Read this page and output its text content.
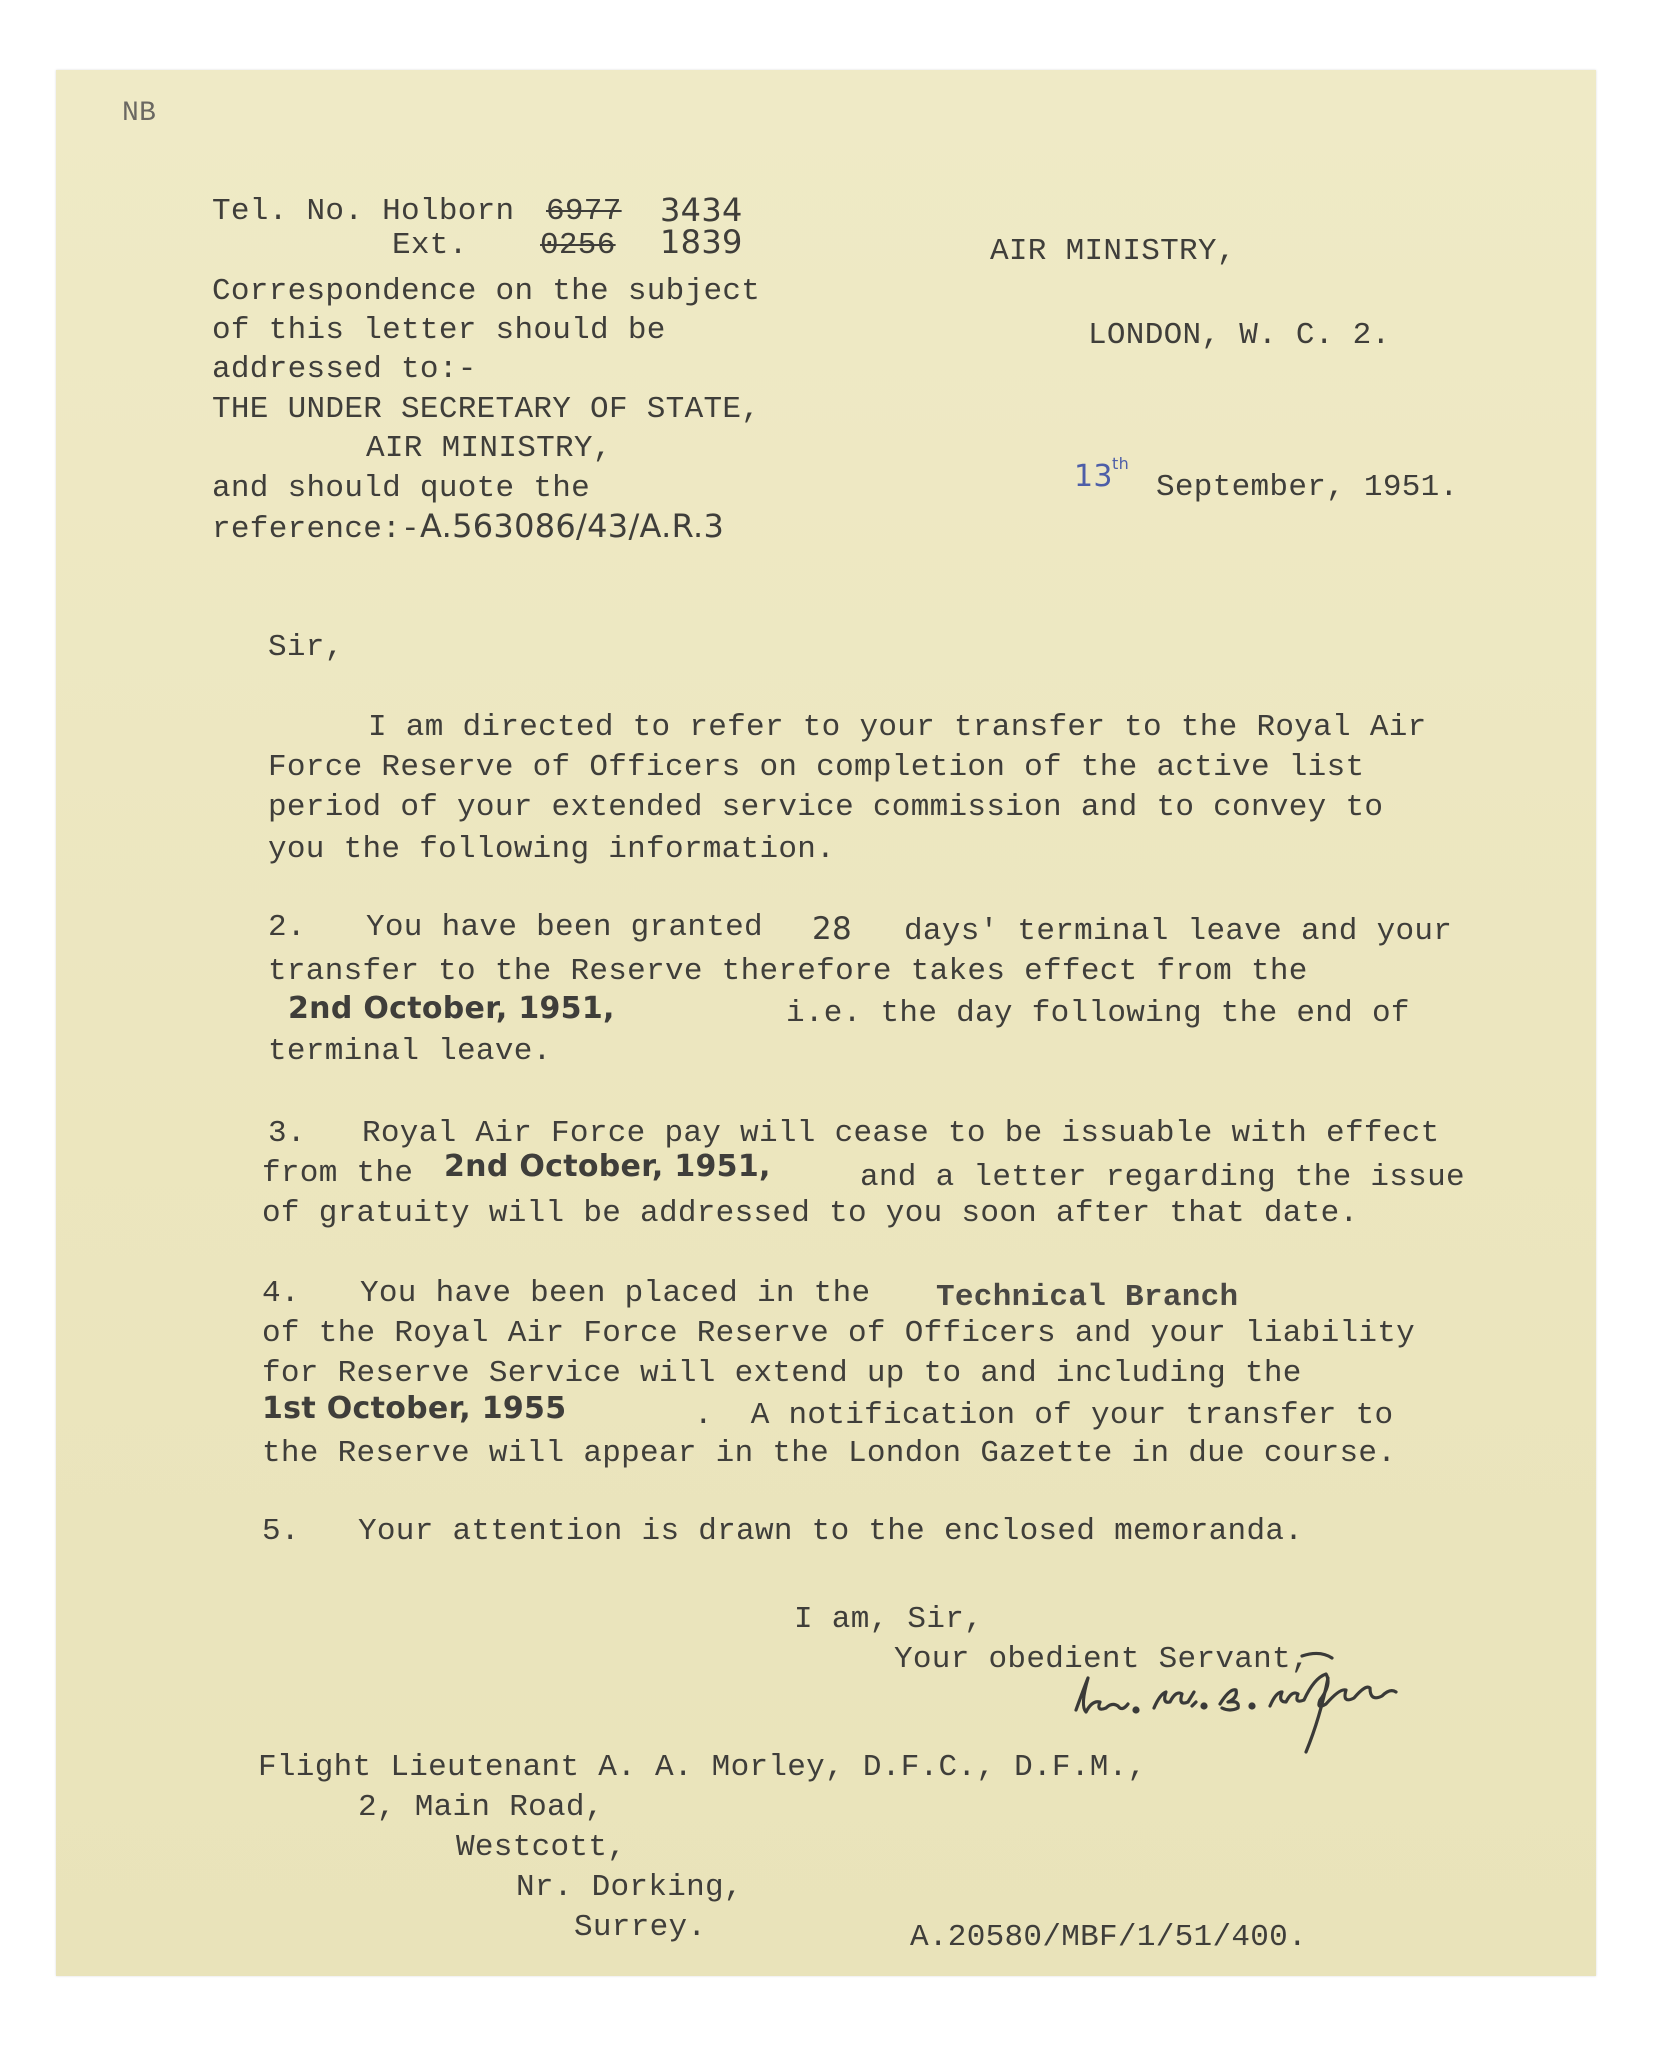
NB
Tel. No. Holborn 6977 3434
Ext. 0256 1839
Correspondence on the subject
of this letter should be
addressed to:-
THE UNDER SECRETARY OF STATE,
AIR MINISTRY,
and should quote the
reference:- A.563086/43/A.R.3
AIR MINISTRY,
LONDON, W. C. 2.
13 th
September, 1951.
Sir,
I am directed to refer to your transfer to the Royal Air
Force Reserve of Officers on completion of the active list
period of your extended service commission and to convey to
you the following information.
2. You have been granted 28 days' terminal leave and your
transfer to the Reserve therefore takes effect from the
2nd October, 1951,	i.e. the day following the end of
terminal leave.
3. Royal Air Force pay will cease to be issuable with effect
from the 2nd October, 1951,	and a letter regarding the issue
of gratuity will be addressed to you soon after that date.
4. You have been placed in the Technical Branch
of the Royal Air Force Reserve of Officers and your liability
for Reserve Service will extend up to and including the
1st October, 1955	.  A notification of your transfer to
the Reserve will appear in the London Gazette in due course.
5. Your attention is drawn to the enclosed memoranda.
I am, Sir,
Your obedient Servant,
Flight Lieutenant A. A. Morley, D.F.C., D.F.M.,
2, Main Road,
Westcott,
Nr. Dorking,
Surrey.	A.20580/MBF/1/51/400.
